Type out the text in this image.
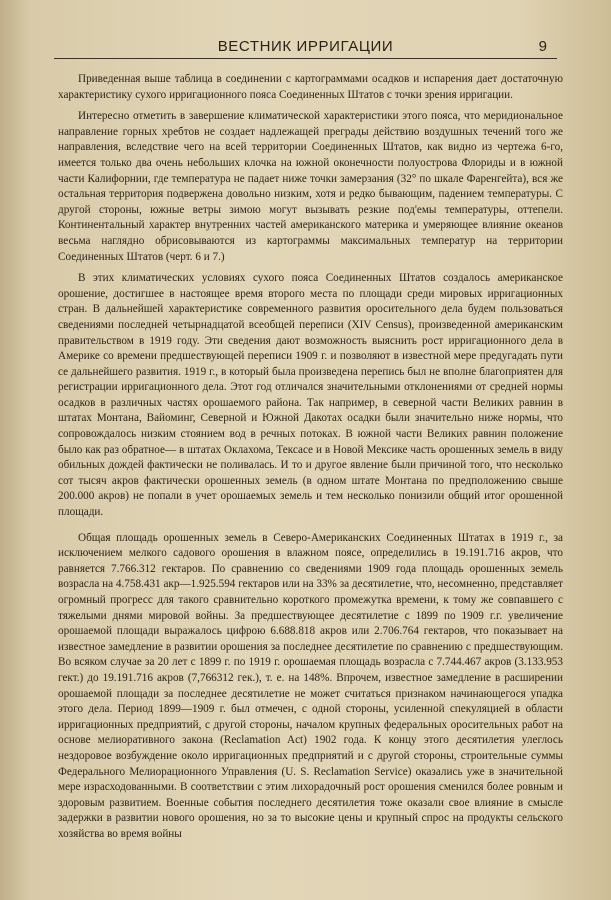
ВЕСТНИК ИРРИГАЦИИ	9

Приведенная выше таблица в соединении с картограммами осадков и испарения дает достаточную характеристику сухого ирригационного пояса Соединенных Штатов с точки зрения ирригации.

Интересно отметить в завершение климатической характеристики этого пояса, что меридиональное направление горных хребтов не создает надлежащей преграды действию воздушных течений того же направления, вследствие чего на всей территории Соединенных Штатов, как видно из чертежа 6-го, имеется только два очень небольших клочка на южной оконечности полуострова Флориды и в южной части Калифорнии, где температура не падает ниже точки замерзания (32° по шкале Фаренгейта), вся же остальная территория подвержена довольно низким, хотя и редко бывающим, падением температуры. С другой стороны, южные ветры зимою могут вызывать резкие под'емы температуры, оттепели. Континентальный характер внутренних частей американского материка и умеряющее влияние океанов весьма наглядно обрисовываются из картограммы максимальных температур на территории Соединенных Штатов (черт. 6 и 7.)

В этих климатических условиях сухого пояса Соединенных Штатов создалось американское орошение, достигшее в настоящее время второго места по площади среди мировых ирригационных стран. В дальнейшей характеристике современного развития оросительного дела будем пользоваться сведениями последней четырнадцатой всеобщей переписи (XIV Census), произведенной американским правительством в 1919 году. Эти сведения дают возможность выяснить рост ирригационного дела в Америке со времени предшествующей переписи 1909 г. и позволяют в известной мере предугадать пути се дальнейшего развития. 1919 г., в который была произведена перепись был не вполне благоприятен для регистрации ирригационного дела. Этот год отличался значительными отклонениями от средней нормы осадков в различных частях орошаемого района. Так например, в северной части Великих равнин в штатах Монтана, Вайоминг, Северной и Южной Дакотах осадки были значительно ниже нормы, что сопровождалось низким стоянием вод в речных потоках. В южной части Великих равнин положение было как раз обратное— в штатах Оклахома, Тексасе и в Новой Мексике часть орошенных земель в виду обильных дождей фактически не поливалась. И то и другое явление были причиной того, что несколько сот тысяч акров фактически орошенных земель (в одном штате Монтана по предположению свыше 200.000 акров) не попали в учет орошаемых земель и тем несколько понизили общий итог орошенной площади.

Общая площадь орошенных земель в Северо-Американских Соединенных Штатах в 1919 г., за исключением мелкого садового орошения в влажном поясе, определились в 19.191.716 акров, что равняется 7.766.312 гектаров. По сравнению со сведениями 1909 года площадь орошенных земель возрасла на 4.758.431 акр—1.925.594 гектаров или на 33% за десятилетие, что, несомненно, представляет огромный прогресс для такого сравнительно короткого промежутка времени, к тому же совпавшего с тяжелыми днями мировой войны. За предшествующее десятилетие с 1899 по 1909 г.г. увеличение орошаемой площади выражалось цифрою 6.688.818 акров или 2.706.764 гектаров, что показывает на известное замедление в развитии орошения за последнее десятилетие по сравнению с предшествующим. Во всяком случае за 20 лет с 1899 г. по 1919 г. орошаемая площадь возрасла с 7.744.467 акров (3.133.953 гект.) до 19.191.716 акров (7,766312 гек.), т. е. на 148%. Впрочем, известное замедление в расширении орошаемой площади за последнее десятилетие не может считаться признаком начинающегося упадка этого дела. Период 1899—1909 г. был отмечен, с одной стороны, усиленной спекуляцией в области ирригационных предприятий, с другой стороны, началом крупных федеральных оросительных работ на основе мелиоративного закона (Reclamation Act) 1902 года. К концу этого десятилетия улеглось нездоровое возбуждение около ирригационных предприятий и с другой стороны, строительные суммы Федерального Мелиорационного Управления (U. S. Reclamation Service) оказались уже в значительной мере израсходованными. В соответствии с этим лихорадочный рост орошения сменился более ровным и здоровым развитием. Военные события последнего десятилетия тоже оказали свое влияние в смысле задержки в развитии нового орошения, но за то высокие цены и крупный спрос на продукты сельского хозяйства во время войны
